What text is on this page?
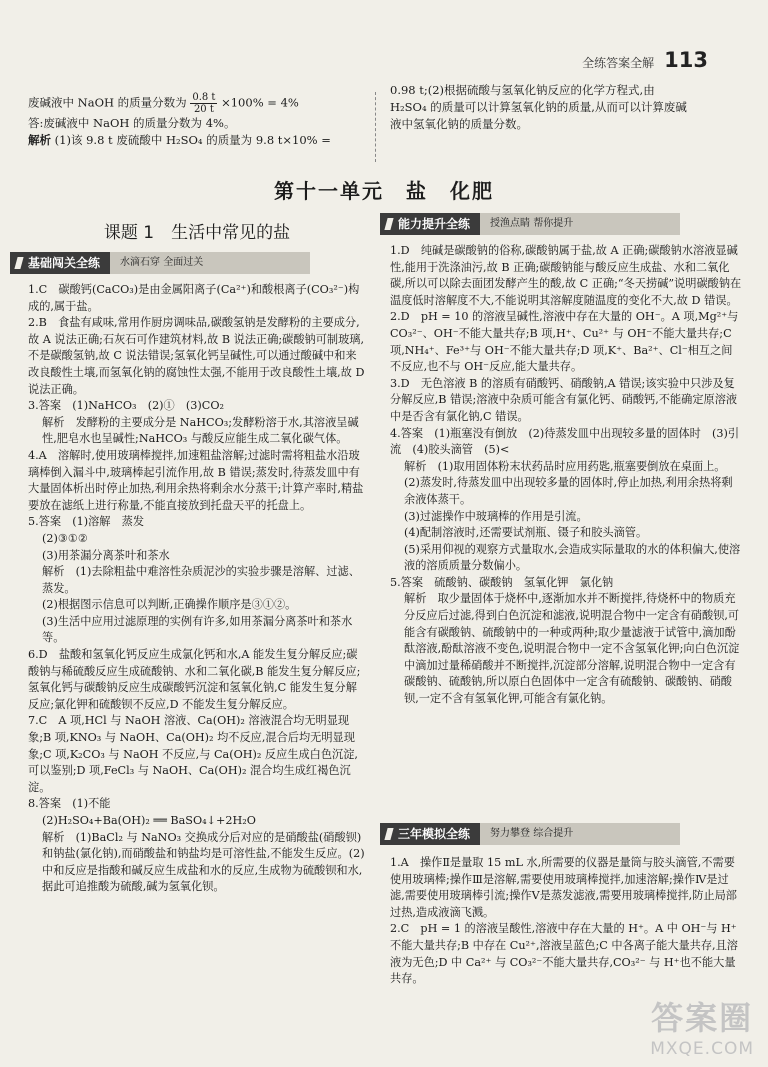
全练答案全解 113

废碱液中 NaOH 的质量分数为 $\frac{0.8 t}{20 t} \times 100\% = 4\%$

答:废碱液中 NaOH 的质量分数为 4%。

解析 (1)该 9.8 t 废硫酸中 H₂SO₄ 的质量为 9.8 t×10% =

0.98 t;(2)根据硫酸与氢氧化钠反应的化学方程式,由

H₂SO₄ 的质量可以计算氢氧化钠的质量,从而可以计算废碱

液中氢氧化钠的质量分数。

第十一单元　盐　化肥
课题 1　生活中常见的盐
基础闯关全练	水滴石穿 全面过关
能力提升全练	授渔点睛 帮你提升
三年模拟全练	努力攀登 综合提升

1.C　碳酸钙(CaCO₃)是由金属阳离子(Ca²⁺)和酸根离子(CO₃²⁻)构成的,属于盐。

2.B　食盐有咸味,常用作厨房调味品,碳酸氢钠是发酵粉的主要成分,故 A 说法正确;石灰石可作建筑材料,故 B 说法正确;碳酸钠可制玻璃,不是碳酸氢钠,故 C 说法错误;氢氧化钙呈碱性,可以通过酸碱中和来改良酸性土壤,而氢氧化钠的腐蚀性太强,不能用于改良酸性土壤,故 D 说法正确。

3.答案　(1)NaHCO₃　(2)①　(3)CO₂

解析　发酵粉的主要成分是 NaHCO₃;发酵粉溶于水,其溶液呈碱性,肥皂水也呈碱性;NaHCO₃ 与酸反应能生成二氧化碳气体。

4.A　溶解时,使用玻璃棒搅拌,加速粗盐溶解;过滤时需将粗盐水沿玻璃棒倒入漏斗中,玻璃棒起引流作用,故 B 错误;蒸发时,待蒸发皿中有大量固体析出时停止加热,利用余热将剩余水分蒸干;计算产率时,精盐要放在滤纸上进行称量,不能直接放到托盘天平的托盘上。

5.答案　(1)溶解　蒸发

(2)③①②

(3)用茶漏分离茶叶和茶水

解析　(1)去除粗盐中难溶性杂质泥沙的实验步骤是溶解、过滤、蒸发。

(2)根据图示信息可以判断,正确操作顺序是③①②。

(3)生活中应用过滤原理的实例有许多,如用茶漏分离茶叶和茶水等。

6.D　盐酸和氢氧化钙反应生成氯化钙和水,A 能发生复分解反应;碳酸钠与稀硫酸反应生成硫酸钠、水和二氧化碳,B 能发生复分解反应;氢氧化钙与碳酸钠反应生成碳酸钙沉淀和氢氧化钠,C 能发生复分解反应;氯化钾和硫酸钡不反应,D 不能发生复分解反应。

7.C　A 项,HCl 与 NaOH 溶液、Ca(OH)₂ 溶液混合均无明显现象;B 项,KNO₃ 与 NaOH、Ca(OH)₂ 均不反应,混合后均无明显现象;C 项,K₂CO₃ 与 NaOH 不反应,与 Ca(OH)₂ 反应生成白色沉淀,可以鉴别;D 项,FeCl₃ 与 NaOH、Ca(OH)₂ 混合均生成红褐色沉淀。

8.答案　(1)不能

(2)H₂SO₄+Ba(OH)₂ ══ BaSO₄↓+2H₂O

解析　(1)BaCl₂ 与 NaNO₃ 交换成分后对应的是硝酸盐(硝酸钡)和钠盐(氯化钠),而硝酸盐和钠盐均是可溶性盐,不能发生反应。(2)中和反应是指酸和碱反应生成盐和水的反应,生成物为硫酸钡和水,据此可追推酸为硫酸,碱为氢氧化钡。

1.D　纯碱是碳酸钠的俗称,碳酸钠属于盐,故 A 正确;碳酸钠水溶液显碱性,能用于洗涤油污,故 B 正确;碳酸钠能与酸反应生成盐、水和二氧化碳,所以可以除去面团发酵产生的酸,故 C 正确;“冬天捞碱”说明碳酸钠在温度低时溶解度不大,不能说明其溶解度随温度的变化不大,故 D 错误。

2.D　pH = 10 的溶液呈碱性,溶液中存在大量的 OH⁻。A 项,Mg²⁺与 CO₃²⁻、OH⁻不能大量共存;B 项,H⁺、Cu²⁺ 与 OH⁻不能大量共存;C 项,NH₄⁺、Fe³⁺与 OH⁻不能大量共存;D 项,K⁺、Ba²⁺、Cl⁻相互之间不反应,也不与 OH⁻反应,能大量共存。

3.D　无色溶液 B 的溶质有硝酸钙、硝酸钠,A 错误;该实验中只涉及复分解反应,B 错误;溶液中杂质可能含有氯化钙、硝酸钙,不能确定原溶液中是否含有氯化钠,C 错误。

4.答案　(1)瓶塞没有倒放　(2)待蒸发皿中出现较多量的固体时　(3)引流　(4)胶头滴管　(5)<

解析　(1)取用固体粉末状药品时应用药匙,瓶塞要倒放在桌面上。

(2)蒸发时,待蒸发皿中出现较多量的固体时,停止加热,利用余热将剩余液体蒸干。

(3)过滤操作中玻璃棒的作用是引流。

(4)配制溶液时,还需要试剂瓶、镊子和胶头滴管。

(5)采用仰视的观察方式量取水,会造成实际量取的水的体积偏大,使溶液的溶质质量分数偏小。

5.答案　硫酸钠、碳酸钠　氢氧化钾　氯化钠

解析　取少量固体于烧杯中,逐渐加水并不断搅拌,待烧杯中的物质充分反应后过滤,得到白色沉淀和滤液,说明混合物中一定含有硝酸钡,可能含有碳酸钠、硫酸钠中的一种或两种;取少量滤液于试管中,滴加酚酞溶液,酚酞溶液不变色,说明混合物中一定不含氢氧化钾;向白色沉淀中滴加过量稀硝酸并不断搅拌,沉淀部分溶解,说明混合物中一定含有碳酸钠、硫酸钠,所以原白色固体中一定含有硫酸钠、碳酸钠、硝酸钡,一定不含有氢氧化钾,可能含有氯化钠。

1.A　操作Ⅱ是量取 15 mL 水,所需要的仪器是量筒与胶头滴管,不需要使用玻璃棒;操作Ⅲ是溶解,需要使用玻璃棒搅拌,加速溶解;操作Ⅳ是过滤,需要使用玻璃棒引流;操作Ⅴ是蒸发滤液,需要用玻璃棒搅拌,防止局部过热,造成液滴飞溅。

2.C　pH = 1 的溶液呈酸性,溶液中存在大量的 H⁺。A 中 OH⁻与 H⁺不能大量共存;B 中存在 Cu²⁺,溶液呈蓝色;C 中各离子能大量共存,且溶液为无色;D 中 Ca²⁺ 与 CO₃²⁻不能大量共存,CO₃²⁻ 与 H⁺也不能大量共存。

答案圈
MXQE.COM
